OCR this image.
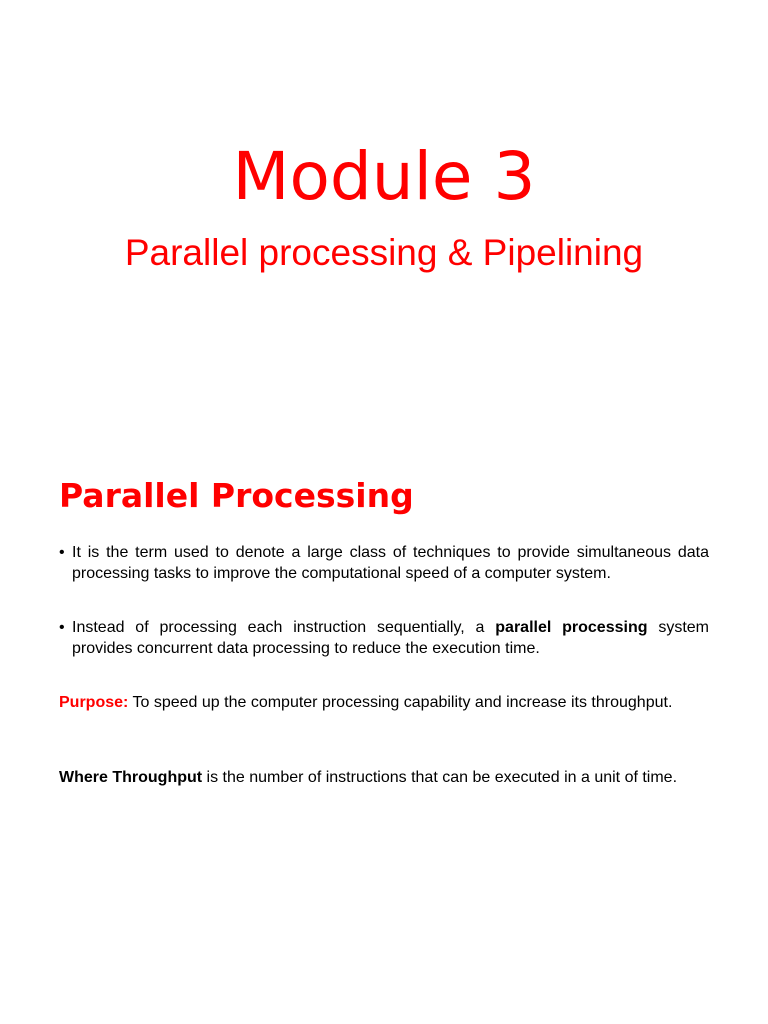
Module 3
Parallel processing & Pipelining
Parallel Processing
• It is the term used to denote a large class of techniques to provide simultaneous data processing tasks to improve the computational speed of a computer system.
• Instead of processing each instruction sequentially, a parallel processing system provides concurrent data processing to reduce the execution time.
Purpose: To speed up the computer processing capability and increase its throughput.
Where Throughput is the number of instructions that can be executed in a unit of time.
